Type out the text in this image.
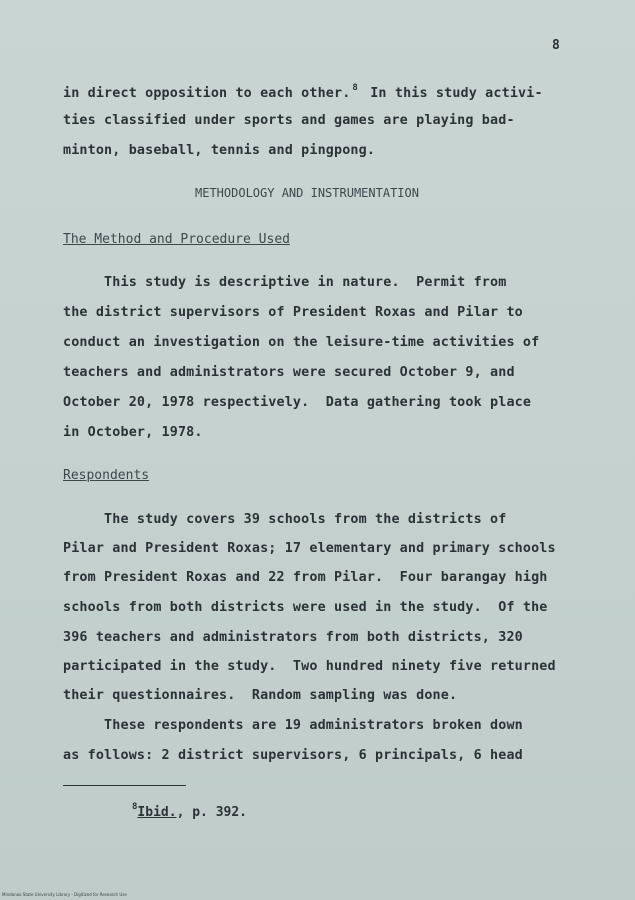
8
in direct opposition to each other. $^8$ In this study activi-
ties classified under sports and games are playing bad-
minton, baseball, tennis and pingpong.
METHODOLOGY AND INSTRUMENTATION
The Method and Procedure Used
This study is descriptive in nature.  Permit from
the district supervisors of President Roxas and Pilar to
conduct an investigation on the leisure-time activities of
teachers and administrators were secured October 9, and
October 20, 1978 respectively.  Data gathering took place
in October, 1978.
Respondents
The study covers 39 schools from the districts of
Pilar and President Roxas; 17 elementary and primary schools
from President Roxas and 22 from Pilar.  Four barangay high
schools from both districts were used in the study.  Of the
396 teachers and administrators from both districts, 320
participated in the study.  Two hundred ninety five returned
their questionnaires.  Random sampling was done.
These respondents are 19 administrators broken down
as follows: 2 district supervisors, 6 principals, 6 head
$^8$Ibid., p. 392.
Mindanao State University Library - Digitized for Research Use
